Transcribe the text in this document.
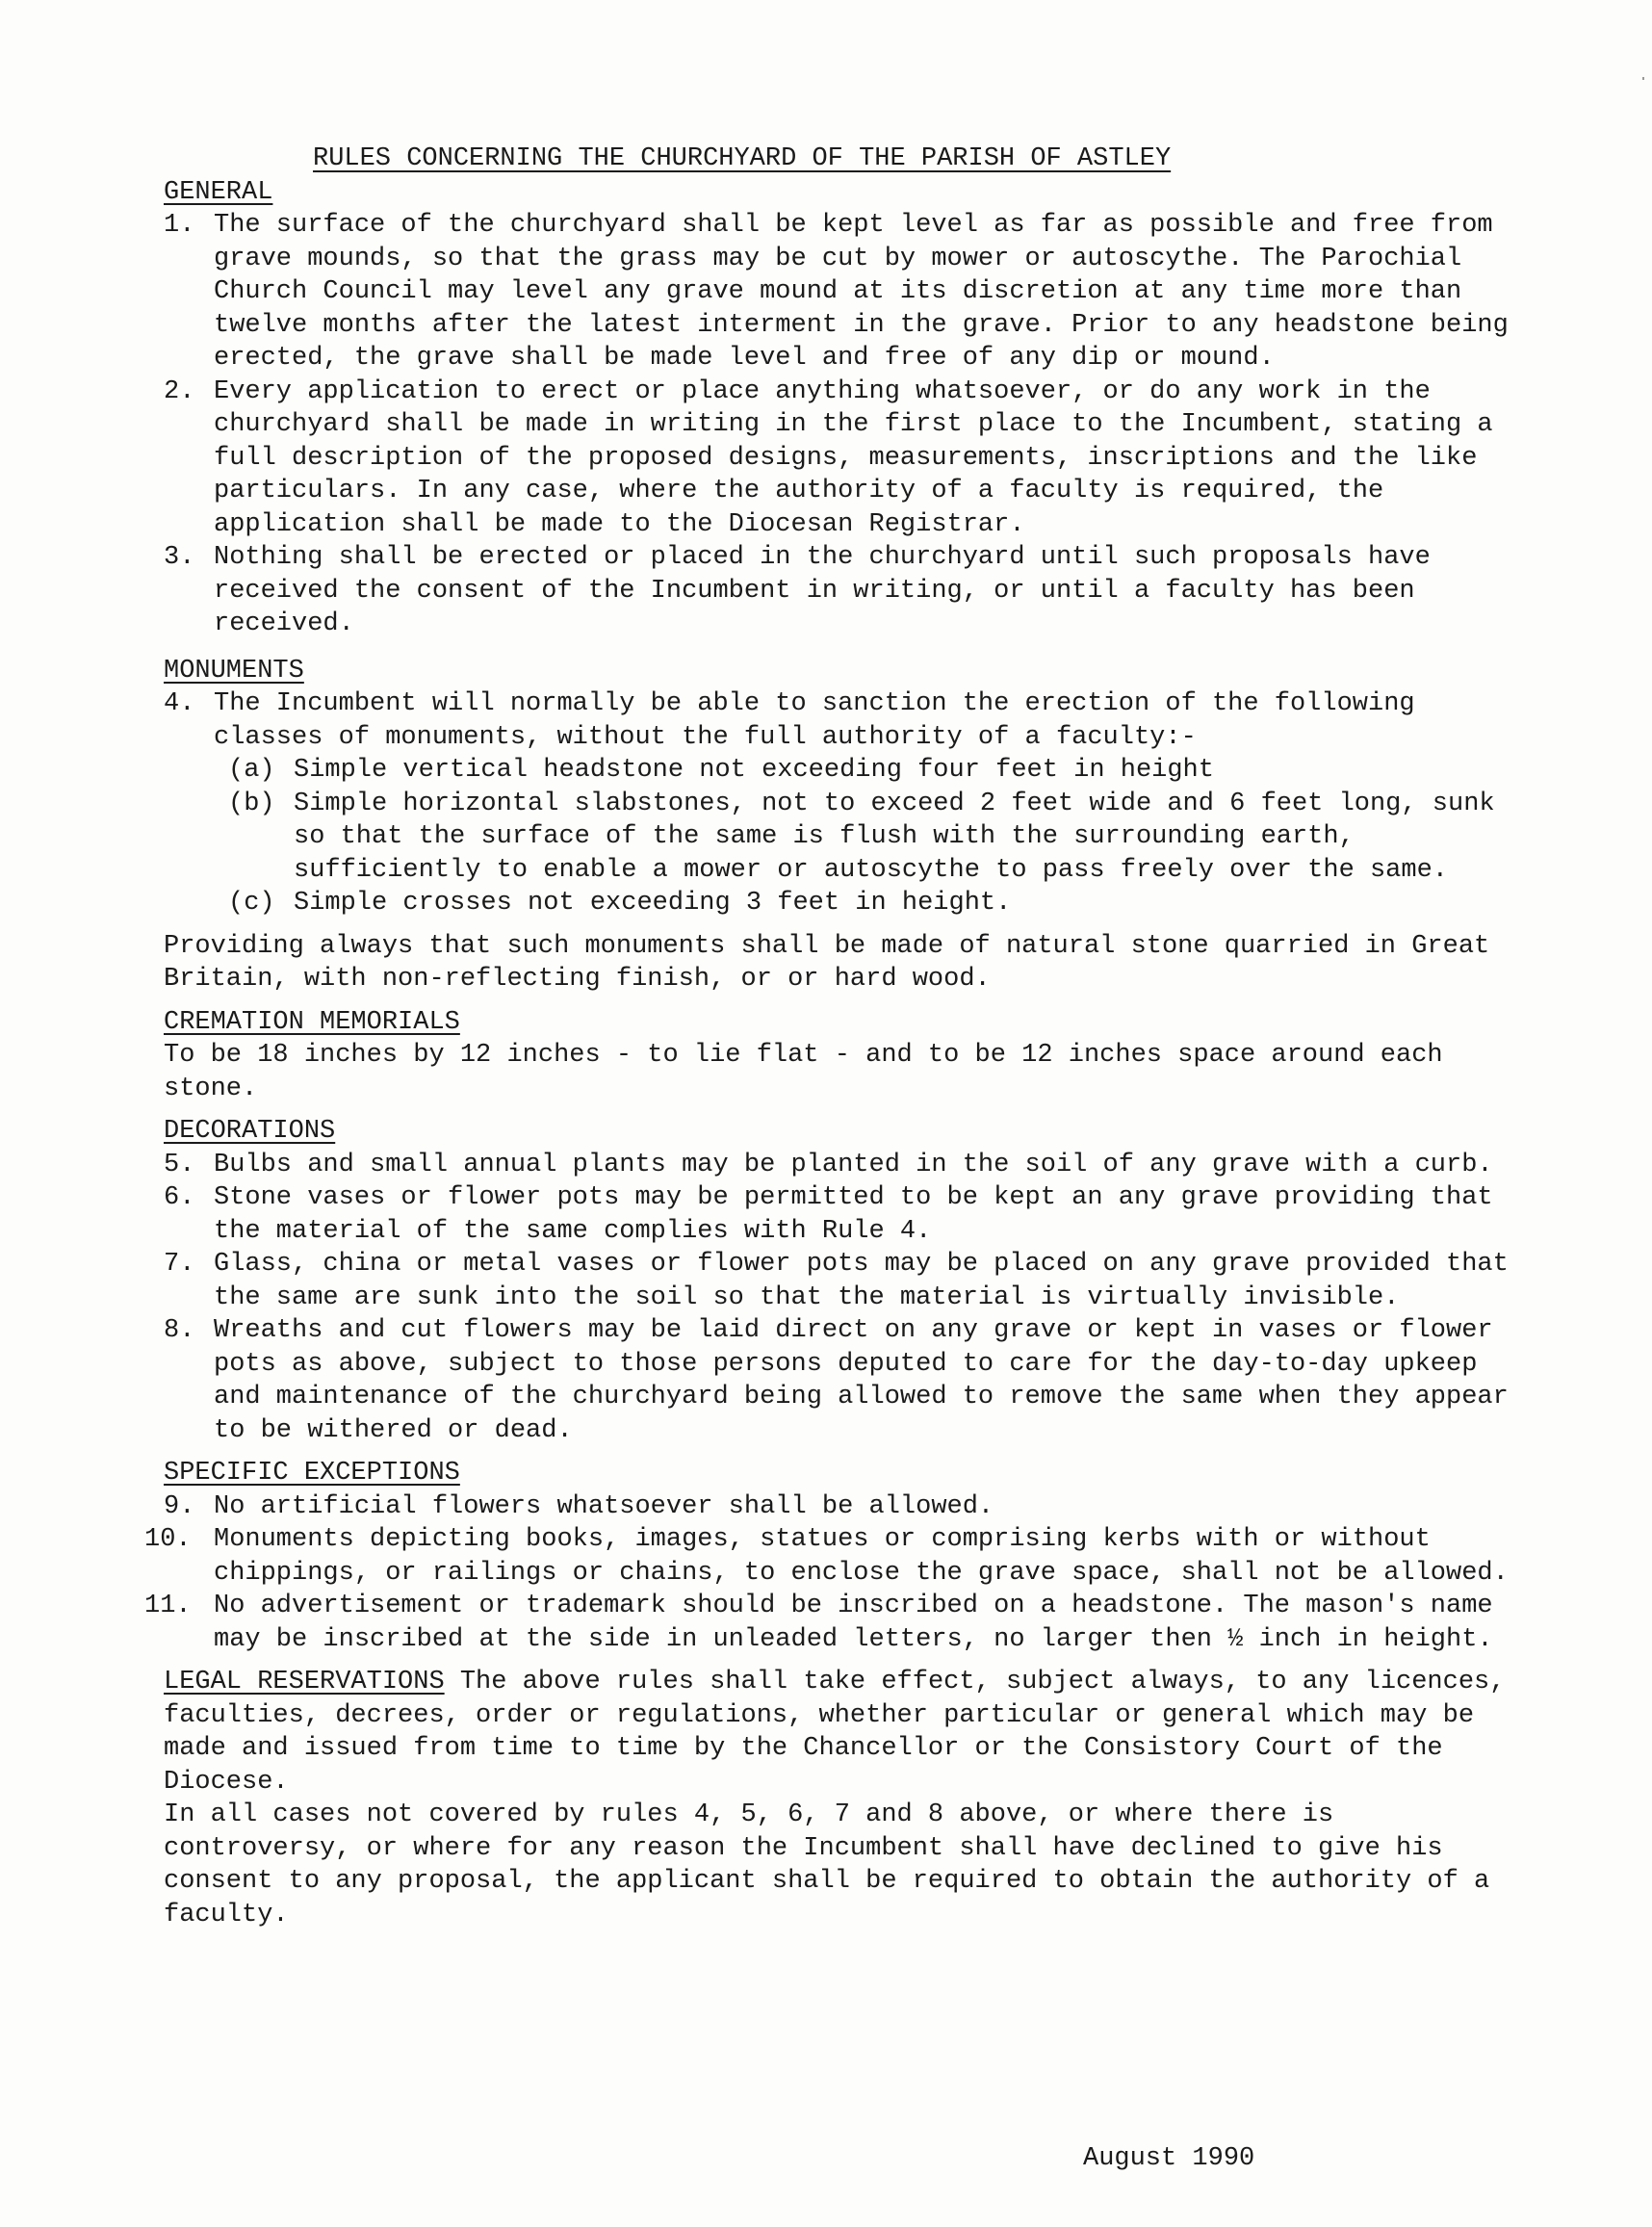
RULES CONCERNING THE CHURCHYARD OF THE PARISH OF ASTLEY
GENERAL
1. The surface of the churchyard shall be kept level as far as possible and free from grave mounds, so that the grass may be cut by mower or autoscythe. The Parochial Church Council may level any grave mound at its discretion at any time more than twelve months after the latest interment in the grave. Prior to any headstone being erected, the grave shall be made level and free of any dip or mound.
2. Every application to erect or place anything whatsoever, or do any work in the churchyard shall be made in writing in the first place to the Incumbent, stating a full description of the proposed designs, measurements, inscriptions and the like particulars. In any case, where the authority of a faculty is required, the application shall be made to the Diocesan Registrar.
3. Nothing shall be erected or placed in the churchyard until such proposals have received the consent of the Incumbent in writing, or until a faculty has been received.
MONUMENTS
4. The Incumbent will normally be able to sanction the erection of the following classes of monuments, without the full authority of a faculty:-
(a) Simple vertical headstone not exceeding four feet in height
(b) Simple horizontal slabstones, not to exceed 2 feet wide and 6 feet long, sunk so that the surface of the same is flush with the surrounding earth, sufficiently to enable a mower or autoscythe to pass freely over the same.
(c) Simple crosses not exceeding 3 feet in height.
Providing always that such monuments shall be made of natural stone quarried in Great Britain, with non-reflecting finish, or or hard wood.
CREMATION MEMORIALS
To be 18 inches by 12 inches - to lie flat - and to be 12 inches space around each stone.
DECORATIONS
5. Bulbs and small annual plants may be planted in the soil of any grave with a curb.
6. Stone vases or flower pots may be permitted to be kept an any grave providing that the material of the same complies with Rule 4.
7. Glass, china or metal vases or flower pots may be placed on any grave provided that the same are sunk into the soil so that the material is virtually invisible.
8. Wreaths and cut flowers may be laid direct on any grave or kept in vases or flower pots as above, subject to those persons deputed to care for the day-to-day upkeep and maintenance of the churchyard being allowed to remove the same when they appear to be withered or dead.
SPECIFIC EXCEPTIONS
9. No artificial flowers whatsoever shall be allowed.
10. Monuments depicting books, images, statues or comprising kerbs with or without chippings, or railings or chains, to enclose the grave space, shall not be allowed.
11. No advertisement or trademark should be inscribed on a headstone. The mason's name may be inscribed at the side in unleaded letters, no larger then ½ inch in height.
LEGAL RESERVATIONS The above rules shall take effect, subject always, to any licences, faculties, decrees, order or regulations, whether particular or general which may be made and issued from time to time by the Chancellor or the Consistory Court of the Diocese.
In all cases not covered by rules 4, 5, 6, 7 and 8 above, or where there is controversy, or where for any reason the Incumbent shall have declined to give his consent to any proposal, the applicant shall be required to obtain the authority of a faculty.
August 1990
